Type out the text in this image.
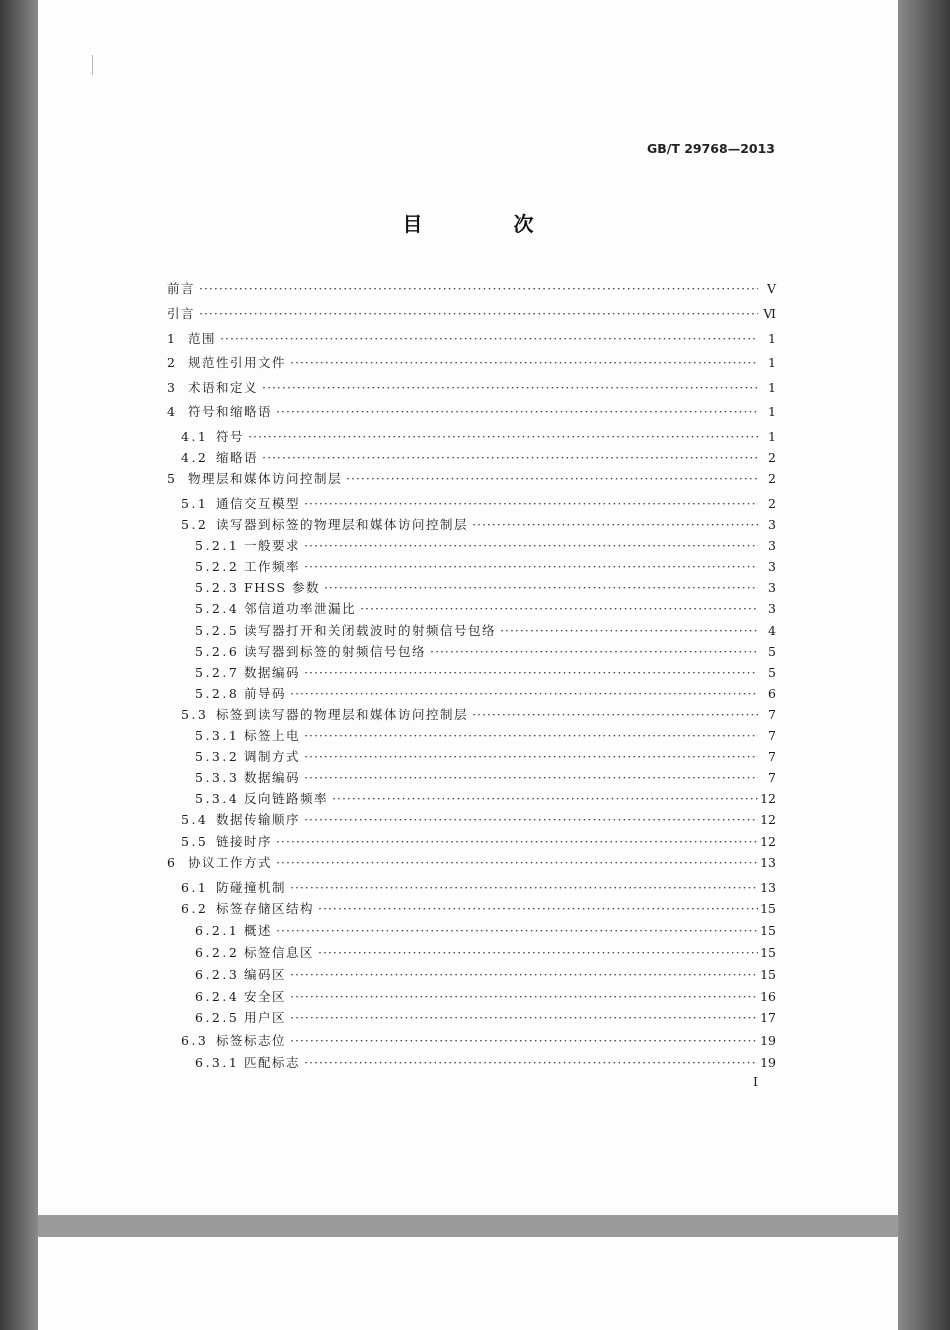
GB/T 29768—2013
目 次
前言 ·····	Ⅴ
引言 ·····	Ⅵ
1 范围 ·····	1
2 规范性引用文件 ·····	1
3 术语和定义 ·····	1
4 符号和缩略语 ·····	1
4.1 符号 ·····	1
4.2 缩略语 ·····	2
5 物理层和媒体访问控制层 ·····	2
5.1 通信交互模型 ·····	2
5.2 读写器到标签的物理层和媒体访问控制层 ·····	3
5.2.1 一般要求 ·····	3
5.2.2 工作频率 ·····	3
5.2.3 FHSS 参数 ·····	3
5.2.4 邻信道功率泄漏比 ·····	3
5.2.5 读写器打开和关闭载波时的射频信号包络 ·····	4
5.2.6 读写器到标签的射频信号包络 ·····	5
5.2.7 数据编码 ·····	5
5.2.8 前导码 ·····	6
5.3 标签到读写器的物理层和媒体访问控制层 ·····	7
5.3.1 标签上电 ·····	7
5.3.2 调制方式 ·····	7
5.3.3 数据编码 ·····	7
5.3.4 反向链路频率 ·····	12
5.4 数据传输顺序 ·····	12
5.5 链接时序 ·····	12
6 协议工作方式 ·····	13
6.1 防碰撞机制 ·····	13
6.2 标签存储区结构 ·····	15
6.2.1 概述 ·····	15
6.2.2 标签信息区 ·····	15
6.2.3 编码区 ·····	15
6.2.4 安全区 ·····	16
6.2.5 用户区 ·····	17
6.3 标签标志位 ·····	19
6.3.1 匹配标志 ·····	19
Ⅰ
